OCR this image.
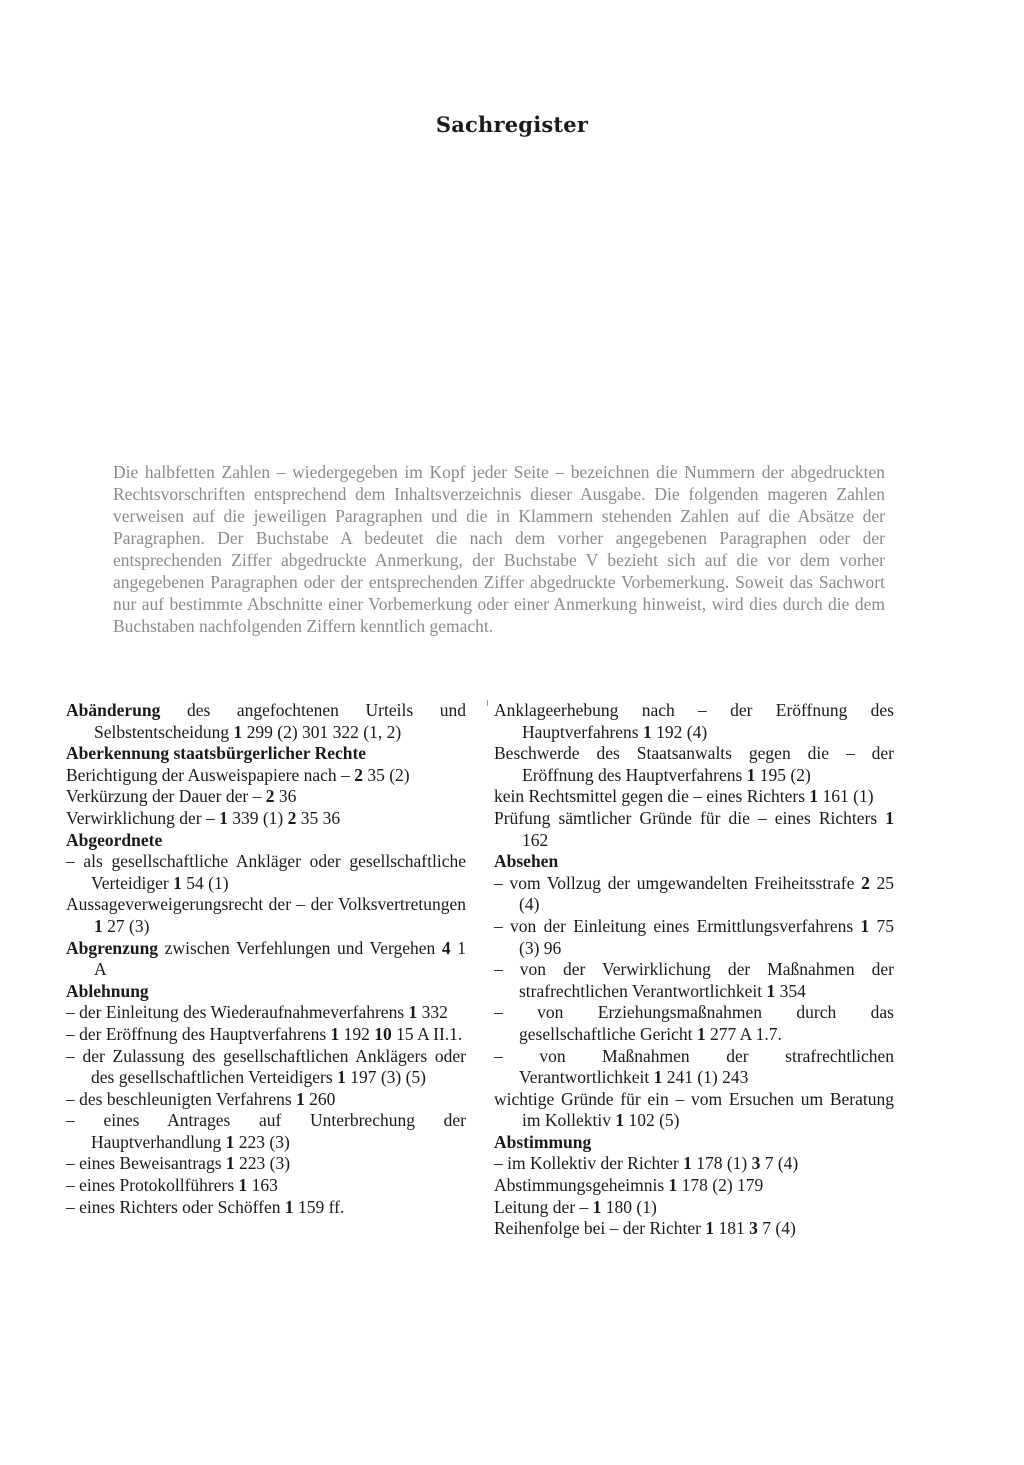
Sachregister
Die halbfetten Zahlen – wiedergegeben im Kopf jeder Seite – bezeichnen die Nummern der abgedruckten Rechtsvorschriften entsprechend dem Inhaltsverzeichnis dieser Ausgabe. Die folgenden mageren Zahlen verweisen auf die jeweiligen Paragraphen und die in Klammern stehenden Zahlen auf die Absätze der Paragraphen. Der Buchstabe A bedeutet die nach dem vorher angegebenen Paragraphen oder der entsprechenden Ziffer abgedruckte Anmerkung, der Buchstabe V bezieht sich auf die vor dem vorher angegebenen Paragraphen oder der entsprechenden Ziffer abgedruckte Vorbemerkung. Soweit das Sachwort nur auf bestimmte Abschnitte einer Vorbemerkung oder einer Anmerkung hinweist, wird dies durch die dem Buchstaben nachfolgenden Ziffern kenntlich gemacht.
Abänderung des angefochtenen Urteils und Selbstentscheidung 1 299 (2) 301 322 (1, 2)
Aberkennung staatsbürgerlicher Rechte
Berichtigung der Ausweispapiere nach – 2 35 (2)
Verkürzung der Dauer der – 2 36
Verwirklichung der – 1 339 (1) 2 35 36
Abgeordnete
– als gesellschaftliche Ankläger oder gesellschaftliche Verteidiger 1 54 (1)
Aussageverweigerungsrecht der – der Volksvertretungen 1 27 (3)
Abgrenzung zwischen Verfehlungen und Vergehen 4 1 A
Ablehnung
– der Einleitung des Wiederaufnahmeverfahrens 1 332
– der Eröffnung des Hauptverfahrens 1 192 10 15 A II.1.
– der Zulassung des gesellschaftlichen Anklägers oder des gesellschaftlichen Verteidigers 1 197 (3) (5)
– des beschleunigten Verfahrens 1 260
– eines Antrages auf Unterbrechung der Hauptverhandlung 1 223 (3)
– eines Beweisantrags 1 223 (3)
– eines Protokollführers 1 163
– eines Richters oder Schöffen 1 159 ff.
Anklageerhebung nach – der Eröffnung des Hauptverfahrens 1 192 (4)
Beschwerde des Staatsanwalts gegen die – der Eröffnung des Hauptverfahrens 1 195 (2)
kein Rechtsmittel gegen die – eines Richters 1 161 (1)
Prüfung sämtlicher Gründe für die – eines Richters 1 162
Absehen
– vom Vollzug der umgewandelten Freiheitsstrafe 2 25 (4)
– von der Einleitung eines Ermittlungsverfahrens 1 75 (3) 96
– von der Verwirklichung der Maßnahmen der strafrechtlichen Verantwortlichkeit 1 354
– von Erziehungsmaßnahmen durch das gesellschaftliche Gericht 1 277 A 1.7.
– von Maßnahmen der strafrechtlichen Verantwortlichkeit 1 241 (1) 243
wichtige Gründe für ein – vom Ersuchen um Beratung im Kollektiv 1 102 (5)
Abstimmung
– im Kollektiv der Richter 1 178 (1) 3 7 (4)
Abstimmungsgeheimnis 1 178 (2) 179
Leitung der – 1 180 (1)
Reihenfolge bei – der Richter 1 181 3 7 (4)
